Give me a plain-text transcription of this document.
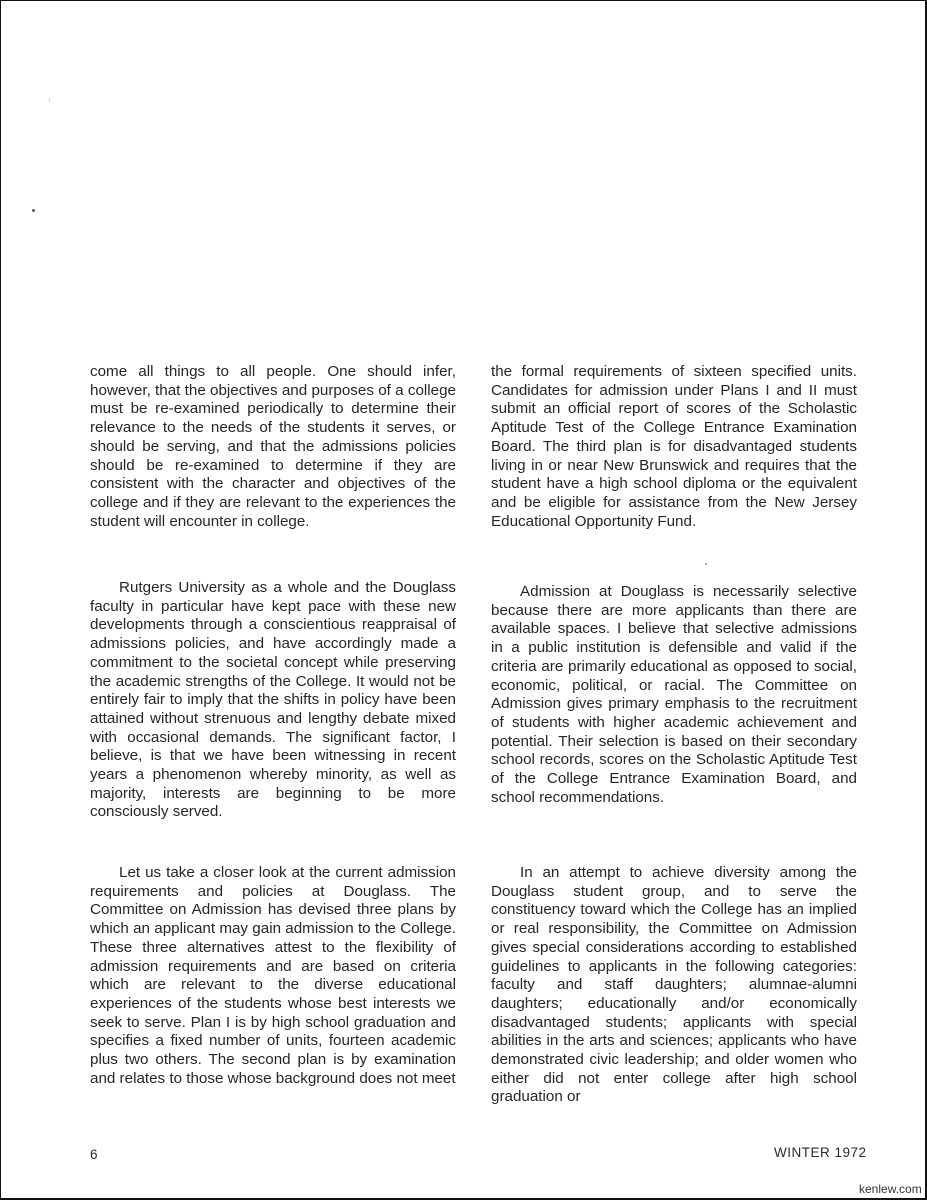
come all things to all people. One should infer, however, that the objectives and purposes of a college must be re-examined periodically to determine their relevance to the needs of the students it serves, or should be serving, and that the admissions policies should be re-examined to determine if they are consistent with the character and objectives of the college and if they are relevant to the experiences the student will encounter in college.

Rutgers University as a whole and the Douglass faculty in particular have kept pace with these new developments through a conscientious reappraisal of admissions policies, and have accordingly made a commitment to the societal concept while preserving the academic strengths of the College. It would not be entirely fair to imply that the shifts in policy have been attained without strenuous and lengthy debate mixed with occasional demands. The significant factor, I believe, is that we have been witnessing in recent years a phenomenon whereby minority, as well as majority, interests are beginning to be more consciously served.

Let us take a closer look at the current admission requirements and policies at Douglass. The Committee on Admission has devised three plans by which an applicant may gain admission to the College. These three alternatives attest to the flexibility of admission requirements and are based on criteria which are relevant to the diverse educational experiences of the students whose best interests we seek to serve. Plan I is by high school graduation and specifies a fixed number of units, fourteen academic plus two others. The second plan is by examination and relates to those whose background does not meet

the formal requirements of sixteen specified units. Candidates for admission under Plans I and II must submit an official report of scores of the Scholastic Aptitude Test of the College Entrance Examination Board. The third plan is for disadvantaged students living in or near New Brunswick and requires that the student have a high school diploma or the equivalent and be eligible for assistance from the New Jersey Educational Opportunity Fund.

Admission at Douglass is necessarily selective because there are more applicants than there are available spaces. I believe that selective admissions in a public institution is defensible and valid if the criteria are primarily educational as opposed to social, economic, political, or racial. The Committee on Admission gives primary emphasis to the recruitment of students with higher academic achievement and potential. Their selection is based on their secondary school records, scores on the Scholastic Aptitude Test of the College Entrance Examination Board, and school recommendations.

In an attempt to achieve diversity among the Douglass student group, and to serve the constituency toward which the College has an implied or real responsibility, the Committee on Admission gives special considerations according to established guidelines to applicants in the following categories: faculty and staff daughters; alumnae-alumni daughters; educationally and/or economically disadvantaged students; applicants with special abilities in the arts and sciences; applicants who have demonstrated civic leadership; and older women who either did not enter college after high school graduation or

6	WINTER 1972
kenlew.com
